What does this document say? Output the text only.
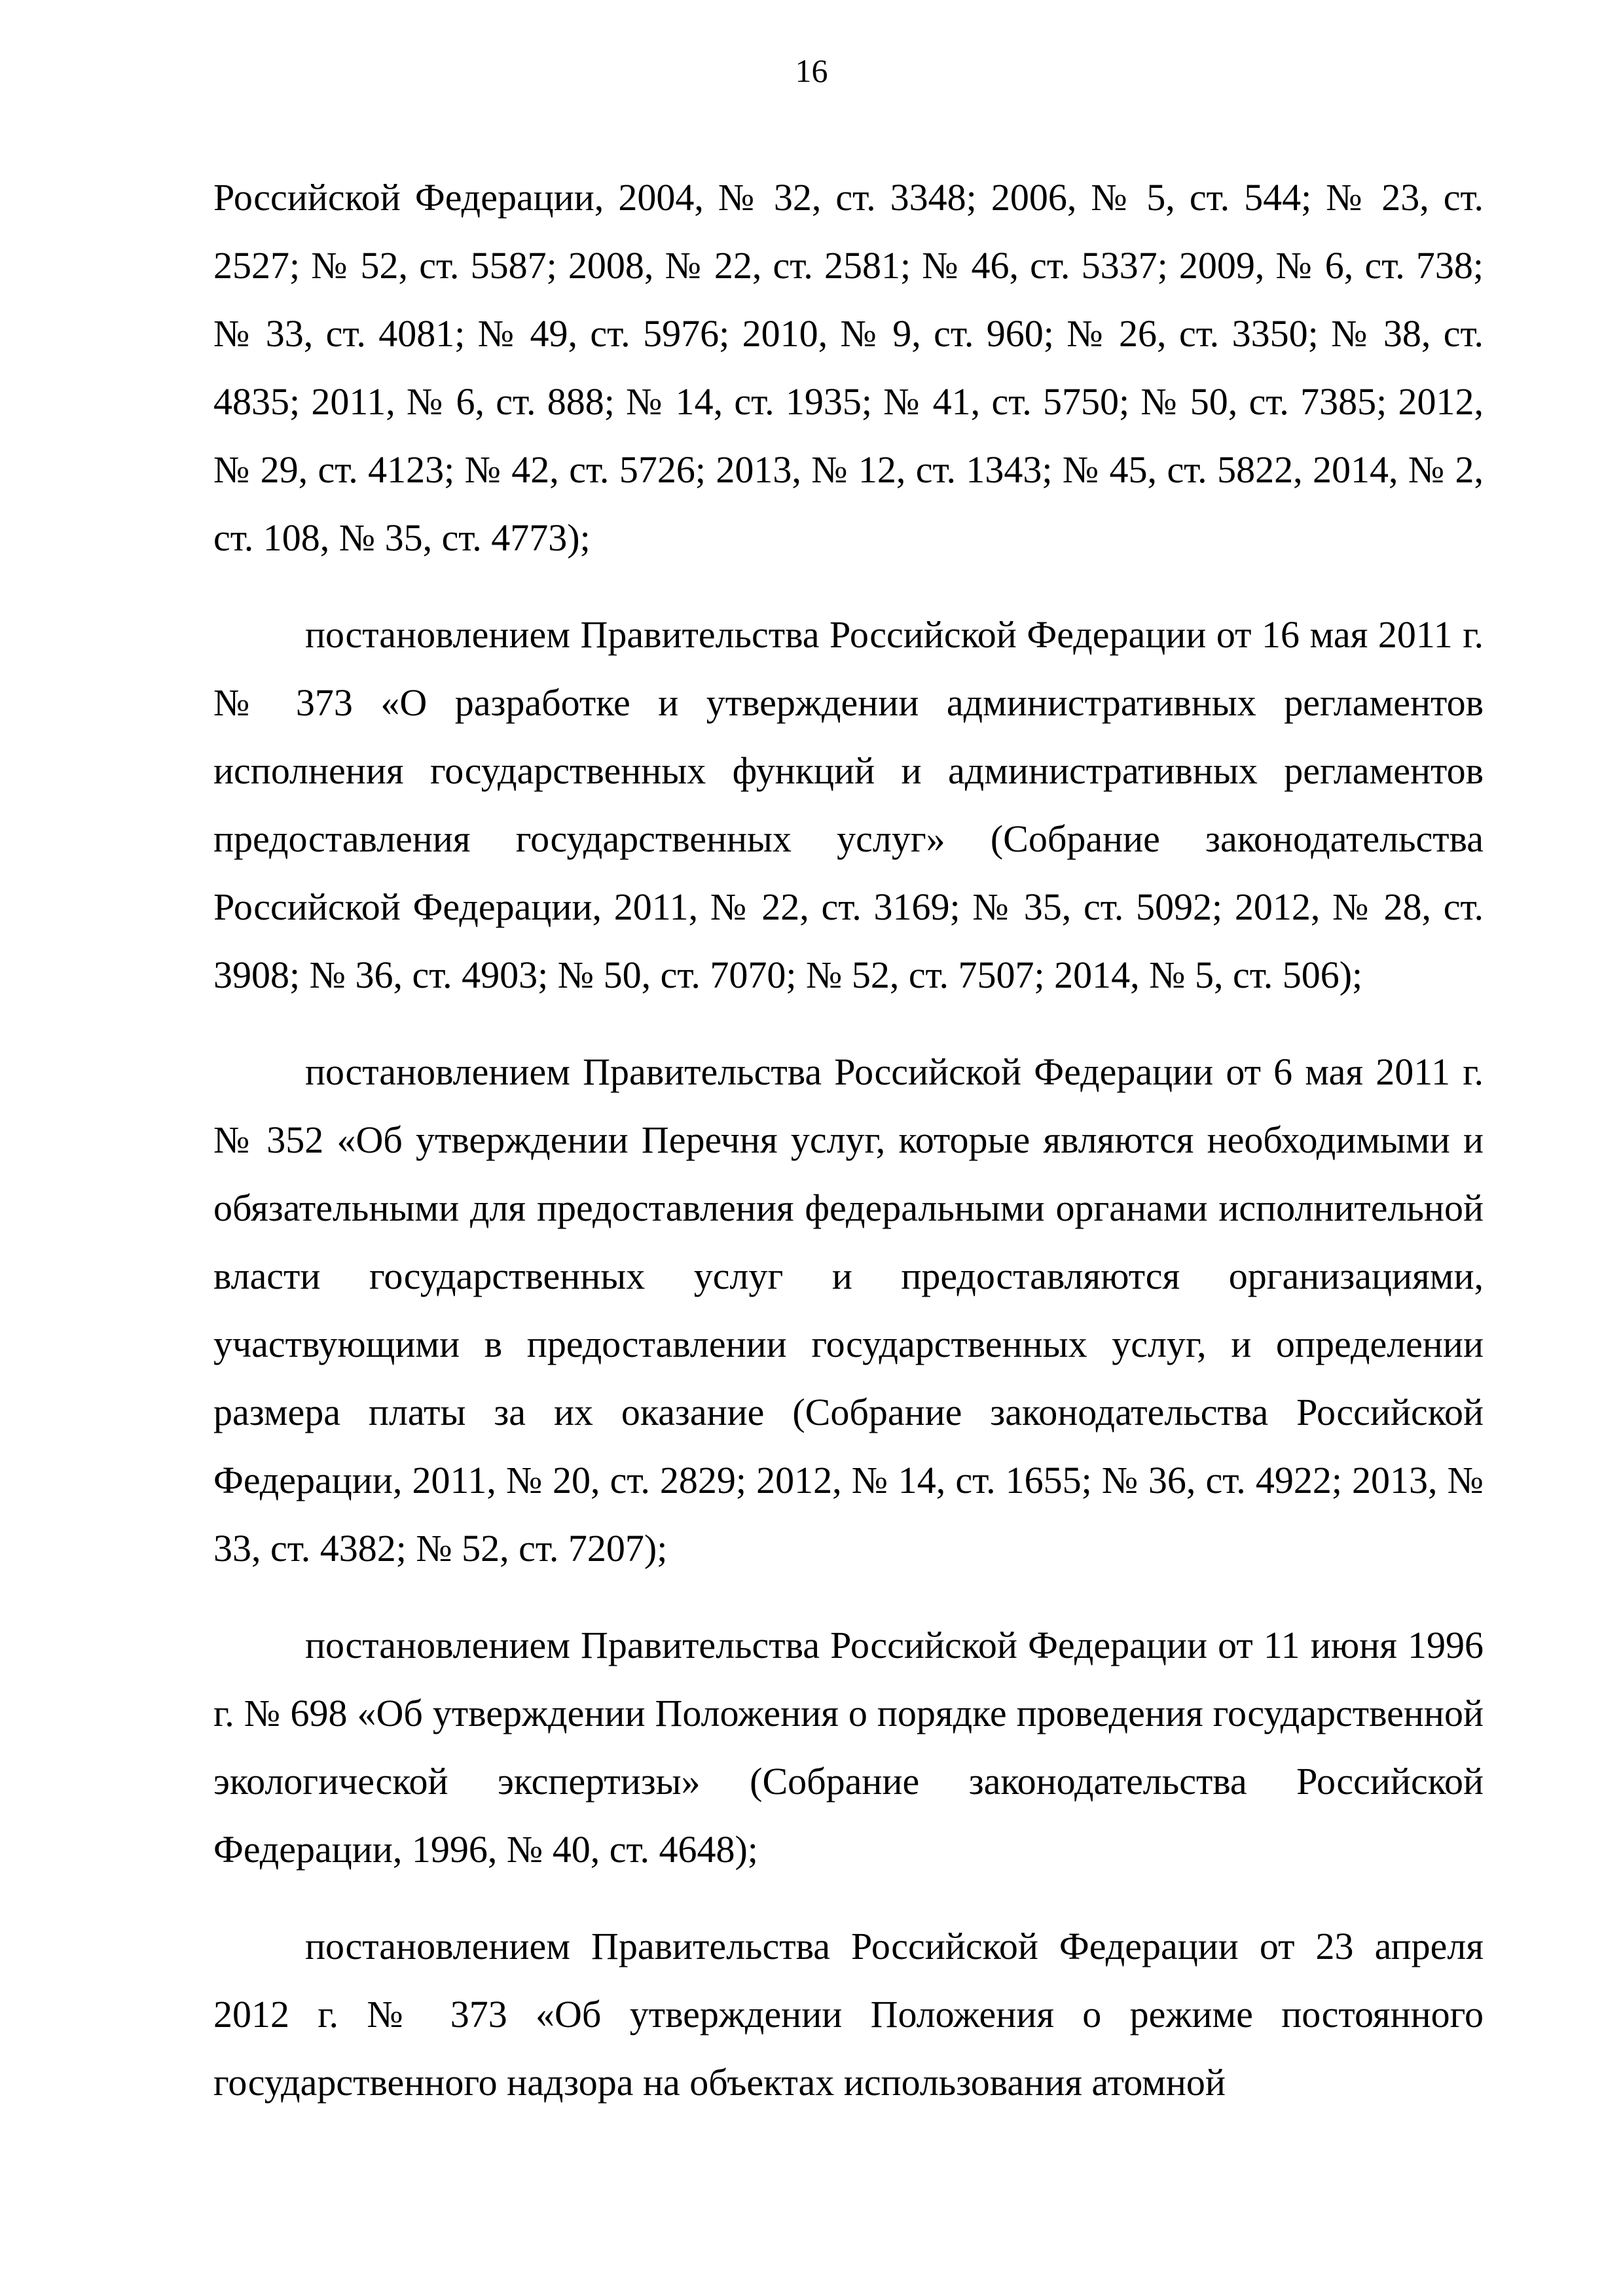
16

Российской Федерации, 2004, № 32, ст. 3348; 2006, № 5, ст. 544; № 23, ст. 2527; № 52, ст. 5587; 2008, № 22, ст. 2581; № 46, ст. 5337; 2009, № 6, ст. 738; № 33, ст. 4081; № 49, ст. 5976; 2010, № 9, ст. 960; № 26, ст. 3350; № 38, ст. 4835; 2011, № 6, ст. 888; № 14, ст. 1935; № 41, ст. 5750; № 50, ст. 7385; 2012, № 29, ст. 4123; № 42, ст. 5726; 2013, № 12, ст. 1343; № 45, ст. 5822, 2014, № 2, ст. 108, № 35, ст. 4773);

постановлением Правительства Российской Федерации от 16 мая 2011 г. № 373 «О разработке и утверждении административных регламентов исполнения государственных функций и административных регламентов предоставления государственных услуг» (Собрание законодательства Российской Федерации, 2011, № 22, ст. 3169; № 35, ст. 5092; 2012, № 28, ст. 3908; № 36, ст. 4903; № 50, ст. 7070; № 52, ст. 7507; 2014, № 5, ст. 506);

постановлением Правительства Российской Федерации от 6 мая 2011 г. № 352 «Об утверждении Перечня услуг, которые являются необходимыми и обязательными для предоставления федеральными органами исполнительной власти государственных услуг и предоставляются организациями, участвующими в предоставлении государственных услуг, и определении размера платы за их оказание (Собрание законодательства Российской Федерации, 2011, № 20, ст. 2829; 2012, № 14, ст. 1655; № 36, ст. 4922; 2013, № 33, ст. 4382; № 52, ст. 7207);

постановлением Правительства Российской Федерации от 11 июня 1996 г. № 698 «Об утверждении Положения о порядке проведения государственной экологической экспертизы» (Собрание законодательства Российской Федерации, 1996, № 40, ст. 4648);

постановлением Правительства Российской Федерации от 23 апреля 2012 г. № 373 «Об утверждении Положения о режиме постоянного государственного надзора на объектах использования атомной
